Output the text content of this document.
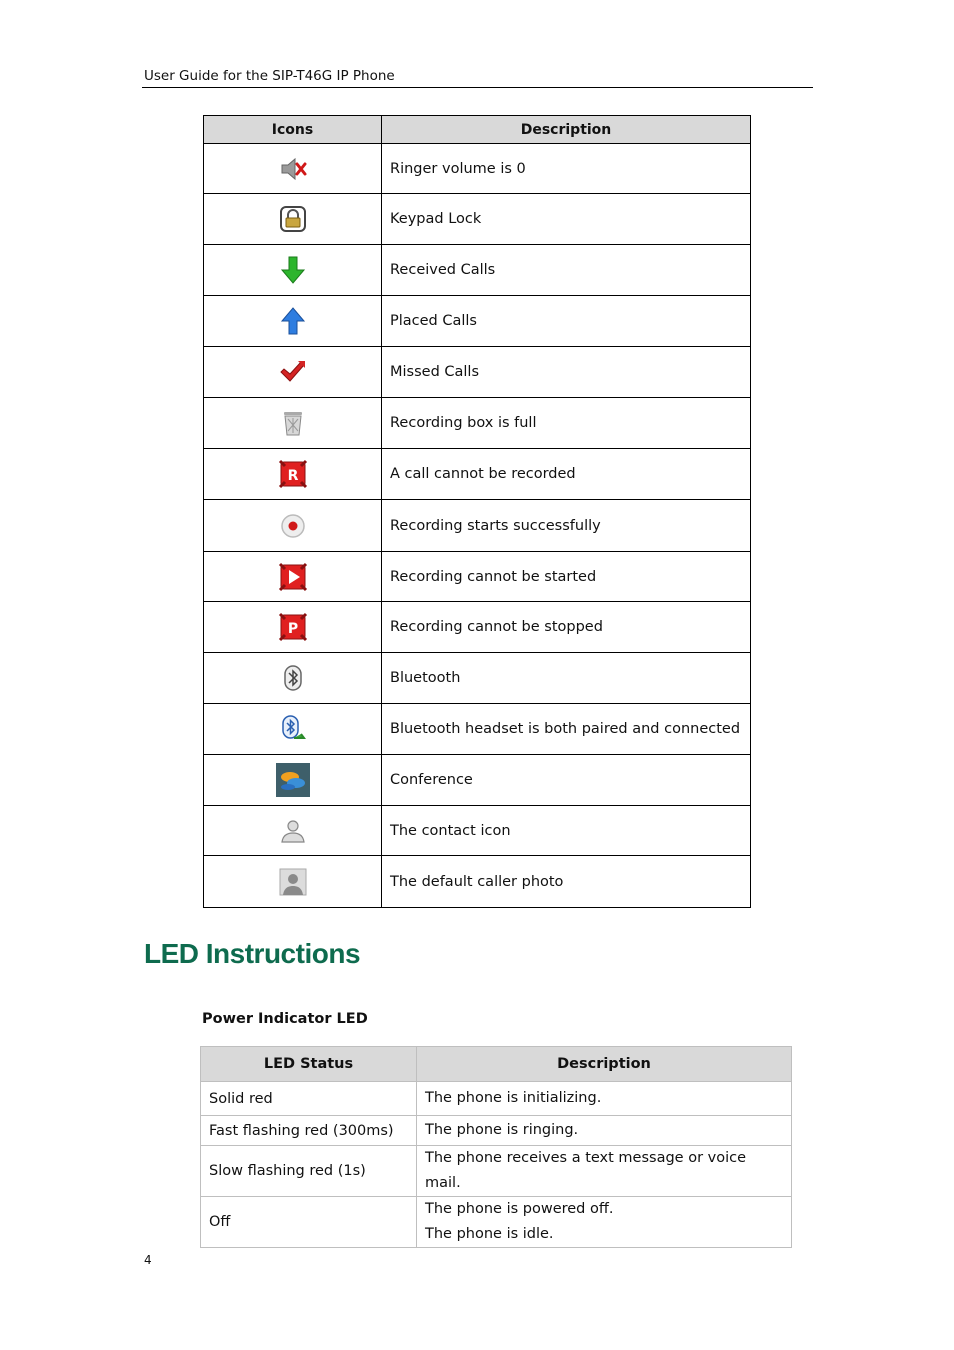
User Guide for the SIP-T46G IP Phone
Icons	Description

	Ringer volume is 0

	Keypad Lock

	Received Calls

	Placed Calls

	Missed Calls

	Recording box is full

R	A call cannot be recorded

	Recording starts successfully

	Recording cannot be started

P	Recording cannot be stopped

	Bluetooth

	Bluetooth headset is both paired and connected

	Conference

	The contact icon

	The default caller photo
LED Instructions
Power Indicator LED
LED Status	Description
Solid red	The phone is initializing.

Fast flashing red (300ms)	The phone is ringing.

Slow flashing red (1s)	The phone receives a text message or voice mail.

Off	The phone is powered off.
The phone is idle.
4
